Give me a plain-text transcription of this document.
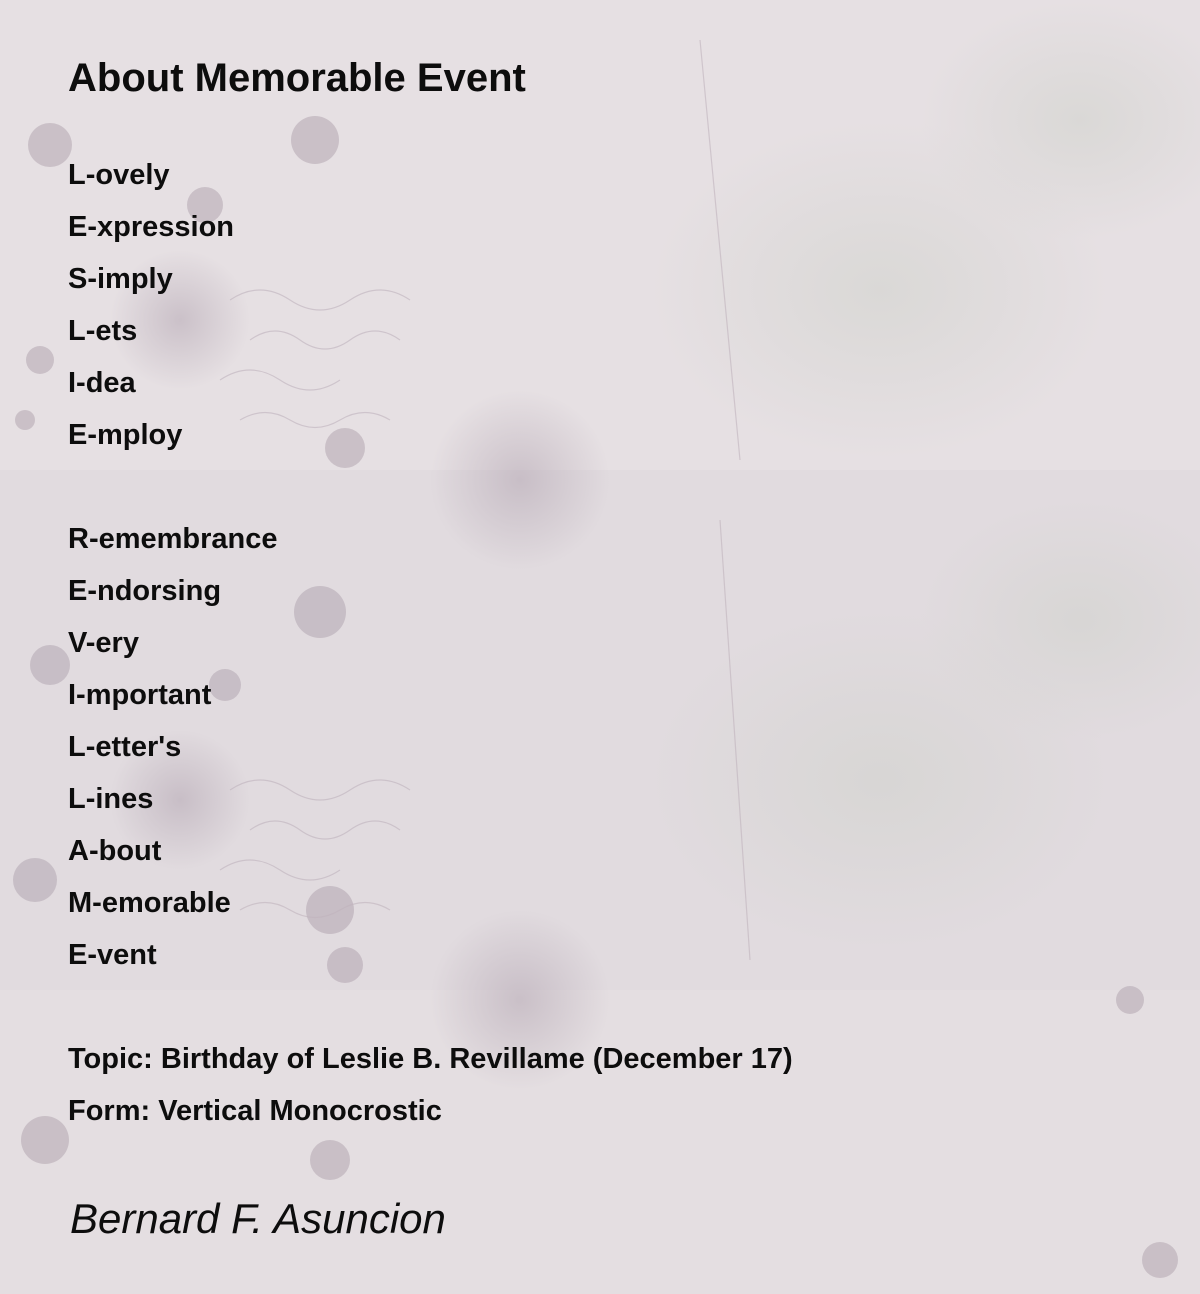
About Memorable Event
L-ovely
E-xpression
S-imply
L-ets
I-dea
E-mploy
R-emembrance
E-ndorsing
V-ery
I-mportant
L-etter's
L-ines
A-bout
M-emorable
E-vent
Topic: Birthday of Leslie B. Revillame (December 17)
Form: Vertical Monocrostic
Bernard F. Asuncion
